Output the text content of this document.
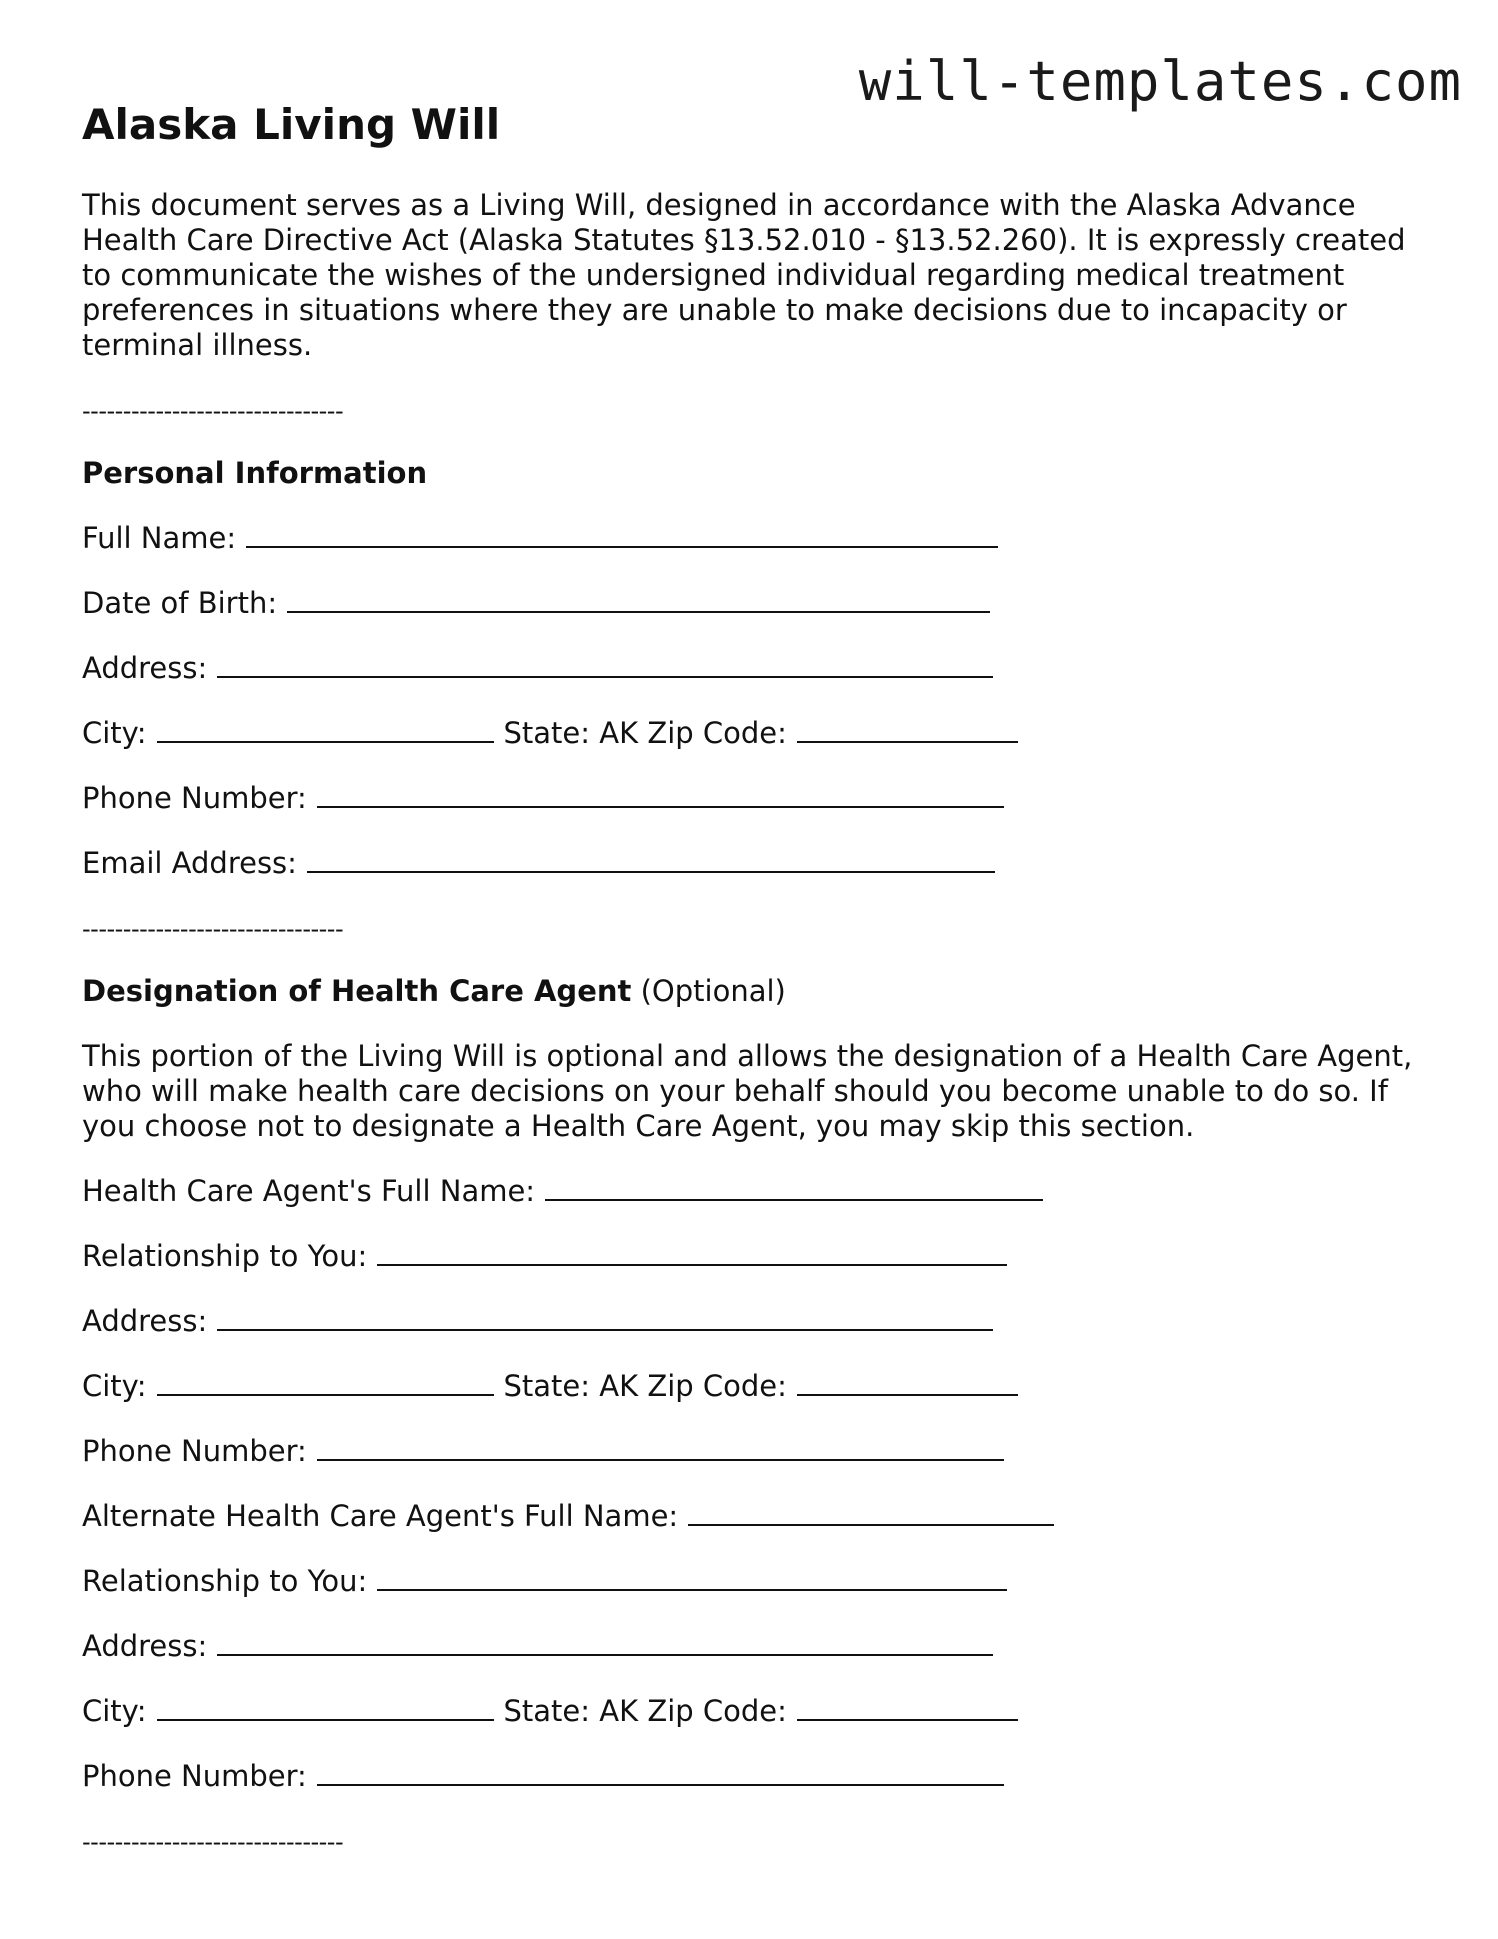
will-templates.com
Alaska Living Will

This document serves as a Living Will, designed in accordance with the Alaska Advance Health Care Directive Act (Alaska Statutes §13.52.010 - §13.52.260). It is expressly created to communicate the wishes of the undersigned individual regarding medical treatment preferences in situations where they are unable to make decisions due to incapacity or terminal illness.

--------------------------------
Personal Information
Full Name:
Date of Birth:
Address:
City:	State: AK Zip Code:
Phone Number:
Email Address:
--------------------------------
Designation of Health Care Agent (Optional)

This portion of the Living Will is optional and allows the designation of a Health Care Agent, who will make health care decisions on your behalf should you become unable to do so. If you choose not to designate a Health Care Agent, you may skip this section.

Health Care Agent's Full Name:
Relationship to You:
Address:
City:	State: AK Zip Code:
Phone Number:
Alternate Health Care Agent's Full Name:
Relationship to You:
Address:
City:	State: AK Zip Code:
Phone Number:
--------------------------------
